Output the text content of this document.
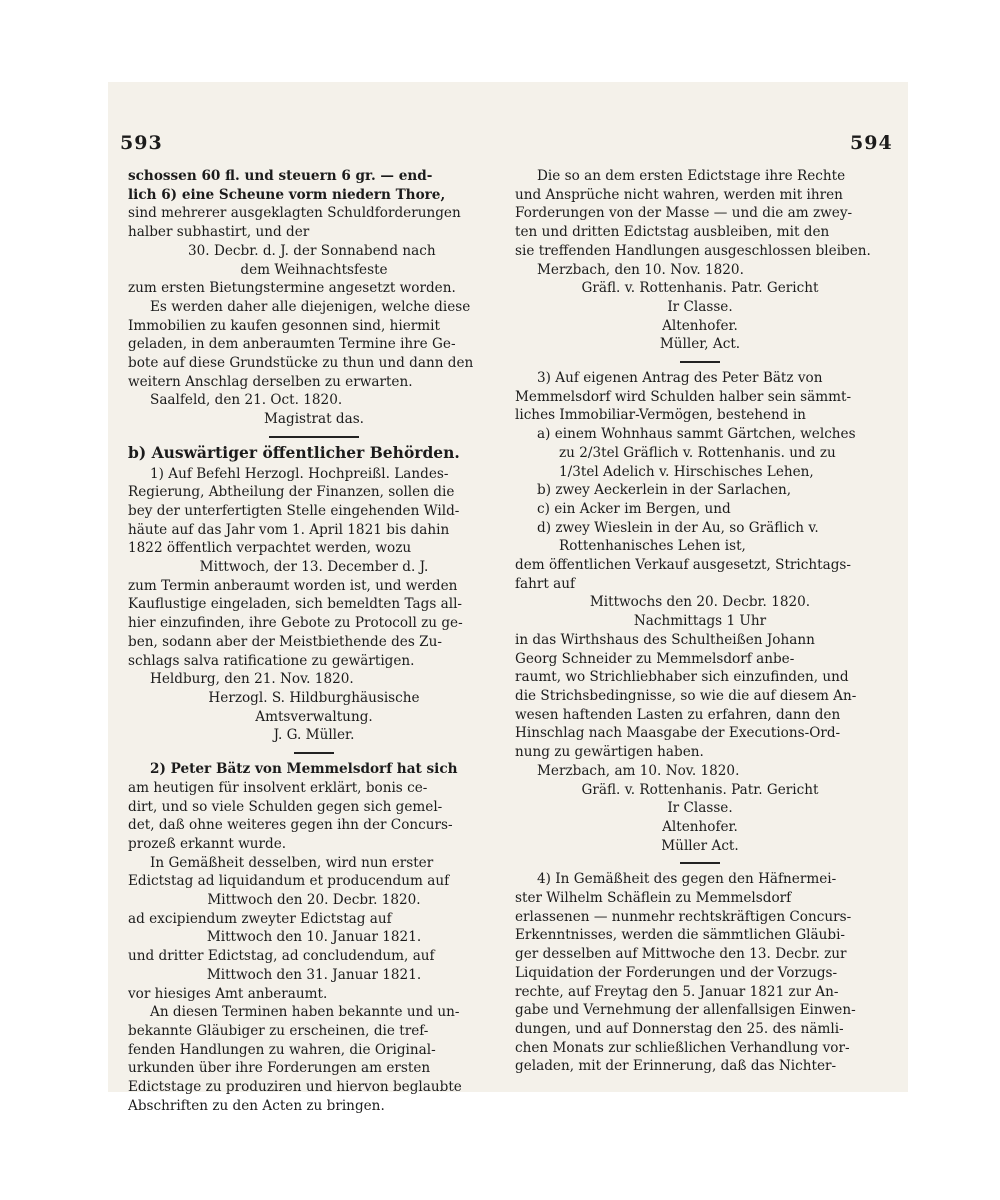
593	594

schossen 60 fl. und steuern 6 gr. — end-

lich 6) eine Scheune vorm niedern Thore,

sind mehrerer ausgeklagten Schuldforderungen

halber subhastirt, und der

30. Decbr. d. J. der Sonnabend nach

dem Weihnachtsfeste

zum ersten Bietungstermine angesetzt worden.

Es werden daher alle diejenigen, welche diese

Immobilien zu kaufen gesonnen sind, hiermit

geladen, in dem anberaumten Termine ihre Ge-

bote auf diese Grundstücke zu thun und dann den

weitern Anschlag derselben zu erwarten.

Saalfeld, den 21. Oct. 1820.

Magistrat das.

b) Auswärtiger öffentlicher Behörden.

1) Auf Befehl Herzogl. Hochpreißl. Landes-

Regierung, Abtheilung der Finanzen, sollen die

bey der unterfertigten Stelle eingehenden Wild-

häute auf das Jahr vom 1. April 1821 bis dahin

1822 öffentlich verpachtet werden, wozu

Mittwoch, der 13. December d. J.

zum Termin anberaumt worden ist, und werden

Kauflustige eingeladen, sich bemeldten Tags all-

hier einzufinden, ihre Gebote zu Protocoll zu ge-

ben, sodann aber der Meistbiethende des Zu-

schlags salva ratificatione zu gewärtigen.

Heldburg, den 21. Nov. 1820.

Herzogl. S. Hildburghäusische

Amtsverwaltung.

J. G. Müller.

2) Peter Bätz von Memmelsdorf hat sich

am heutigen für insolvent erklärt, bonis ce-

dirt, und so viele Schulden gegen sich gemel-

det, daß ohne weiteres gegen ihn der Concurs-

prozeß erkannt wurde.

In Gemäßheit desselben, wird nun erster

Edictstag ad liquidandum et producendum auf

Mittwoch den 20. Decbr. 1820.

ad excipiendum zweyter Edictstag auf

Mittwoch den 10. Januar 1821.

und dritter Edictstag, ad concludendum, auf

Mittwoch den 31. Januar 1821.

vor hiesiges Amt anberaumt.

An diesen Terminen haben bekannte und un-

bekannte Gläubiger zu erscheinen, die tref-

fenden Handlungen zu wahren, die Original-

urkunden über ihre Forderungen am ersten

Edictstage zu produziren und hiervon beglaubte

Abschriften zu den Acten zu bringen.

Die so an dem ersten Edictstage ihre Rechte

und Ansprüche nicht wahren, werden mit ihren

Forderungen von der Masse — und die am zwey-

ten und dritten Edictstag ausbleiben, mit den

sie treffenden Handlungen ausgeschlossen bleiben.

Merzbach, den 10. Nov. 1820.

Gräfl. v. Rottenhanis. Patr. Gericht

Ir Classe.

Altenhofer.

Müller, Act.

3) Auf eigenen Antrag des Peter Bätz von

Memmelsdorf wird Schulden halber sein sämmt-

liches Immobiliar-Vermögen, bestehend in

a) einem Wohnhaus sammt Gärtchen, welches

zu 2/3tel Gräflich v. Rottenhanis. und zu

1/3tel Adelich v. Hirschisches Lehen,

b) zwey Aeckerlein in der Sarlachen,

c) ein Acker im Bergen, und

d) zwey Wieslein in der Au, so Gräflich v.

Rottenhanisches Lehen ist,

dem öffentlichen Verkauf ausgesetzt, Strichtags-

fahrt auf

Mittwochs den 20. Decbr. 1820.

Nachmittags 1 Uhr

in das Wirthshaus des Schultheißen Johann

Georg Schneider zu Memmelsdorf anbe-

raumt, wo Strichliebhaber sich einzufinden, und

die Strichsbedingnisse, so wie die auf diesem An-

wesen haftenden Lasten zu erfahren, dann den

Hinschlag nach Maasgabe der Executions-Ord-

nung zu gewärtigen haben.

Merzbach, am 10. Nov. 1820.

Gräfl. v. Rottenhanis. Patr. Gericht

Ir Classe.

Altenhofer.

Müller Act.

4) In Gemäßheit des gegen den Häfnermei-

ster Wilhelm Schäflein zu Memmelsdorf

erlassenen — nunmehr rechtskräftigen Concurs-

Erkenntnisses, werden die sämmtlichen Gläubi-

ger desselben auf Mittwoche den 13. Decbr. zur

Liquidation der Forderungen und der Vorzugs-

rechte, auf Freytag den 5. Januar 1821 zur An-

gabe und Vernehmung der allenfallsigen Einwen-

dungen, und auf Donnerstag den 25. des nämli-

chen Monats zur schließlichen Verhandlung vor-

geladen, mit der Erinnerung, daß das Nichter-
